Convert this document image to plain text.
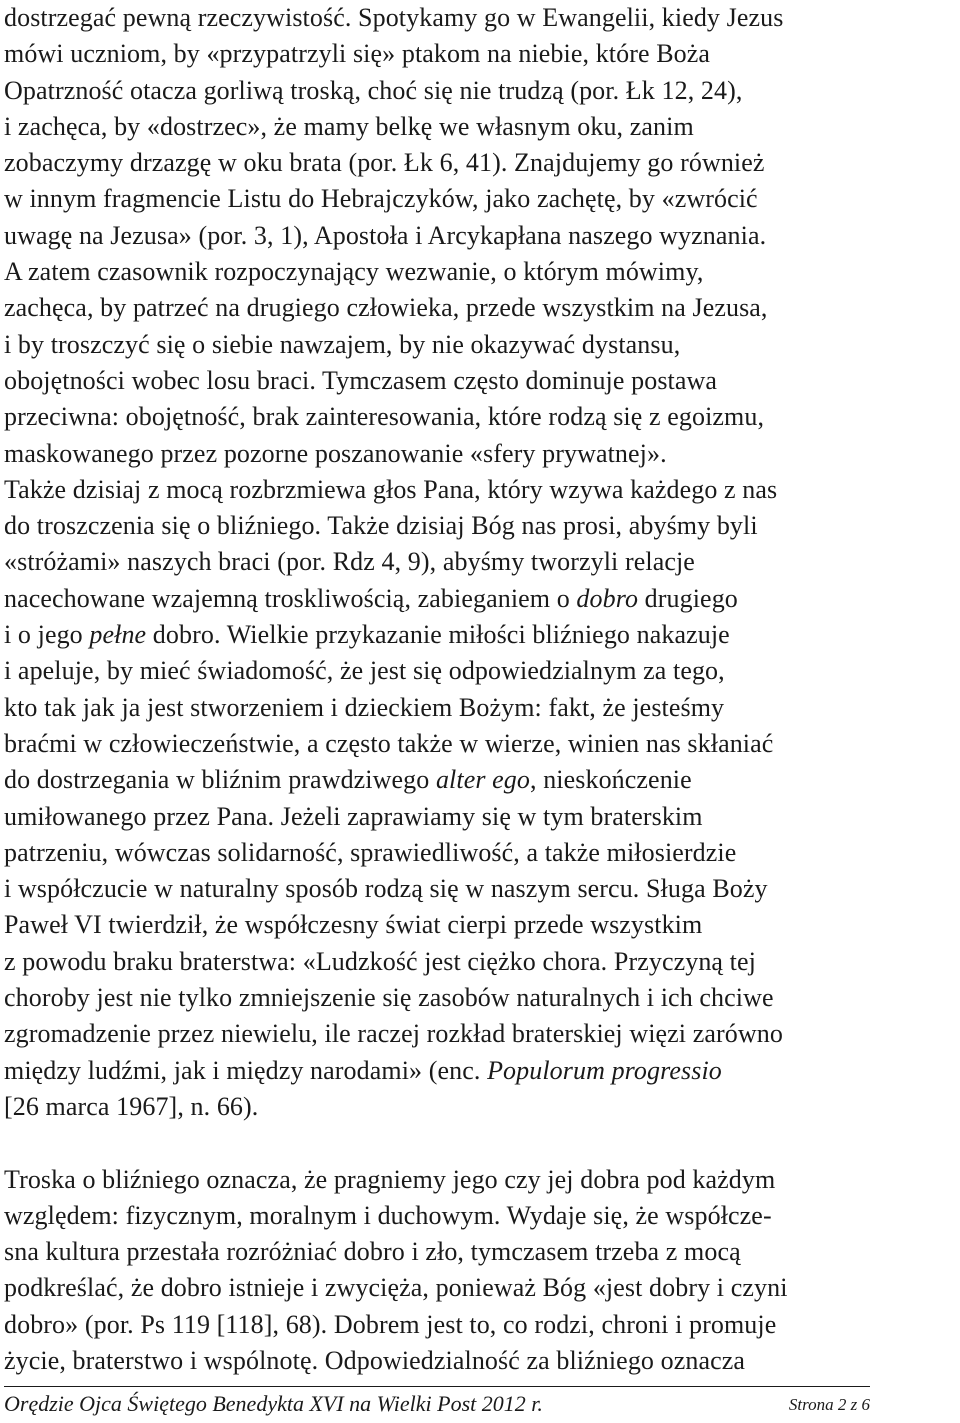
dostrzegać pewną rzeczywistość. Spotykamy go w Ewangelii, kiedy Jezus
mówi uczniom, by «przypatrzyli się» ptakom na niebie, które Boża
Opatrzność otacza gorliwą troską, choć się nie trudzą (por. Łk 12, 24),
i zachęca, by «dostrzec», że mamy belkę we własnym oku, zanim
zobaczymy drzazgę w oku brata (por. Łk 6, 41). Znajdujemy go również
w innym fragmencie Listu do Hebrajczyków, jako zachętę, by «zwrócić
uwagę na Jezusa» (por. 3, 1), Apostoła i Arcykapłana naszego wyznania.
A zatem czasownik rozpoczynający wezwanie, o którym mówimy,
zachęca, by patrzeć na drugiego człowieka, przede wszystkim na Jezusa,
i by troszczyć się o siebie nawzajem, by nie okazywać dystansu,
obojętności wobec losu braci. Tymczasem często dominuje postawa
przeciwna: obojętność, brak zainteresowania, które rodzą się z egoizmu,
maskowanego przez pozorne poszanowanie «sfery prywatnej».
Także dzisiaj z mocą rozbrzmiewa głos Pana, który wzywa każdego z nas
do troszczenia się o bliźniego. Także dzisiaj Bóg nas prosi, abyśmy byli
«stróżami» naszych braci (por. Rdz 4, 9), abyśmy tworzyli relacje
nacechowane wzajemną troskliwością, zabieganiem o dobro drugiego
i o jego pełne dobro. Wielkie przykazanie miłości bliźniego nakazuje
i apeluje, by mieć świadomość, że jest się odpowiedzialnym za tego,
kto tak jak ja jest stworzeniem i dzieckiem Bożym: fakt, że jesteśmy
braćmi w człowieczeństwie, a często także w wierze, winien nas skłaniać
do dostrzegania w bliźnim prawdziwego alter ego, nieskończenie
umiłowanego przez Pana. Jeżeli zaprawiamy się w tym braterskim
patrzeniu, wówczas solidarność, sprawiedliwość, a także miłosierdzie
i współczucie w naturalny sposób rodzą się w naszym sercu. Sługa Boży
Paweł VI twierdził, że współczesny świat cierpi przede wszystkim
z powodu braku braterstwa: «Ludzkość jest ciężko chora. Przyczyną tej
choroby jest nie tylko zmniejszenie się zasobów naturalnych i ich chciwe
zgromadzenie przez niewielu, ile raczej rozkład braterskiej więzi zarówno
między ludźmi, jak i między narodami» (enc. Populorum progressio
[26 marca 1967], n. 66).
Troska o bliźniego oznacza, że pragniemy jego czy jej dobra pod każdym
względem: fizycznym, moralnym i duchowym. Wydaje się, że współcze-
sna kultura przestała rozróżniać dobro i zło, tymczasem trzeba z mocą
podkreślać, że dobro istnieje i zwycięża, ponieważ Bóg «jest dobry i czyni
dobro» (por. Ps 119 [118], 68). Dobrem jest to, co rodzi, chroni i promuje
życie, braterstwo i wspólnotę. Odpowiedzialność za bliźniego oznacza
Orędzie Ojca Świętego Benedykta XVI na Wielki Post 2012 r.	Strona 2 z 6
